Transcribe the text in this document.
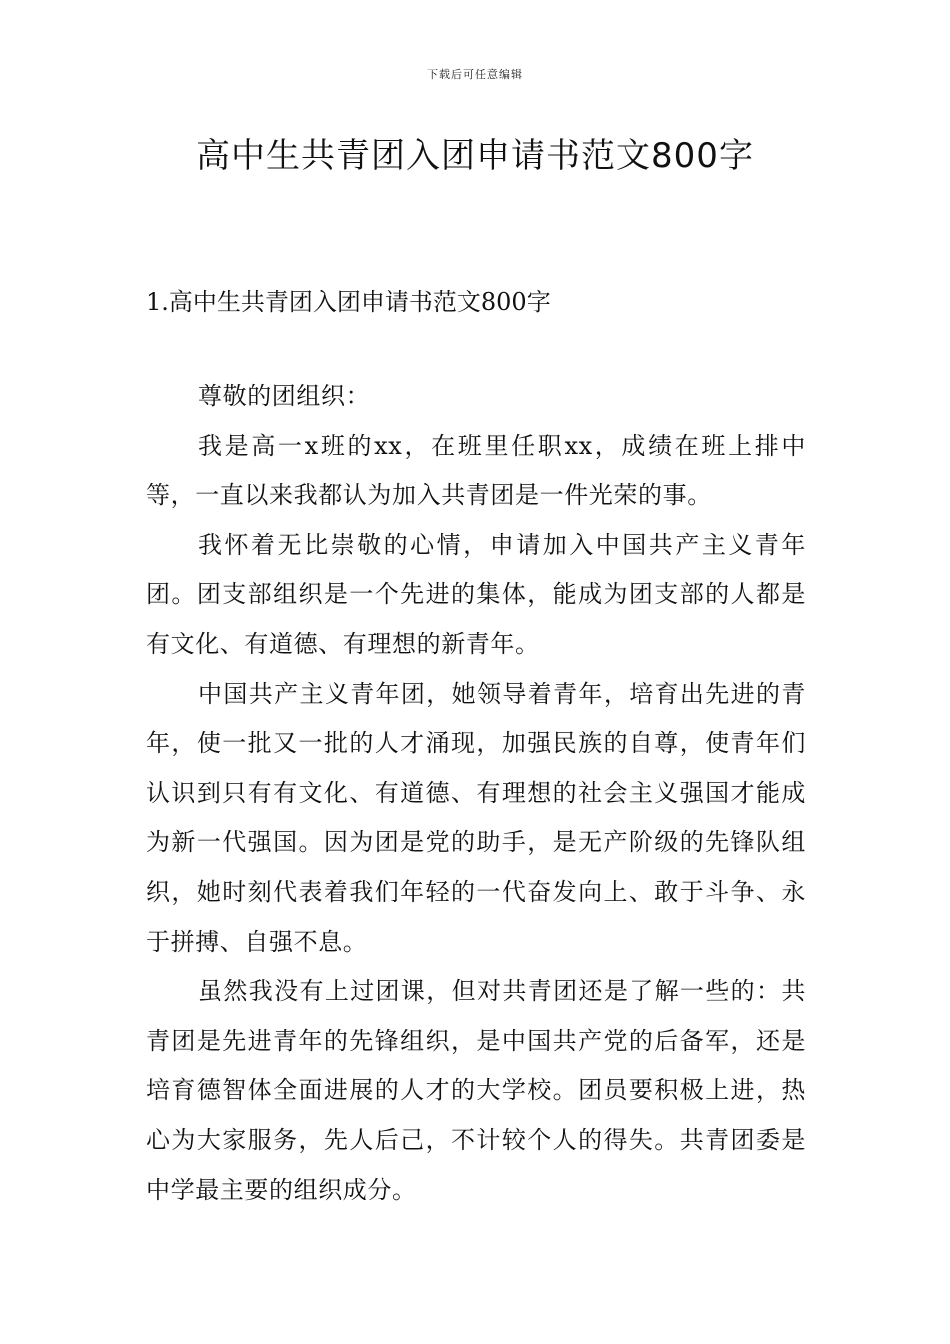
下载后可任意编辑
高中生共青团入团申请书范文800字
1.高中生共青团入团申请书范文800字

尊敬的团组织：

我是高一x班的xx，在班里任职xx，成绩在班上排中等，一直以来我都认为加入共青团是一件光荣的事。

我怀着无比崇敬的心情，申请加入中国共产主义青年团。团支部组织是一个先进的集体，能成为团支部的人都是有文化、有道德、有理想的新青年。

中国共产主义青年团，她领导着青年，培育出先进的青年，使一批又一批的人才涌现，加强民族的自尊，使青年们认识到只有有文化、有道德、有理想的社会主义强国才能成为新一代强国。因为团是党的助手，是无产阶级的先锋队组织，她时刻代表着我们年轻的一代奋发向上、敢于斗争、永于拼搏、自强不息。

虽然我没有上过团课，但对共青团还是了解一些的：共青团是先进青年的先锋组织，是中国共产党的后备军，还是培育德智体全面进展的人才的大学校。团员要积极上进，热心为大家服务，先人后己，不计较个人的得失。共青团委是中学最主要的组织成分。
